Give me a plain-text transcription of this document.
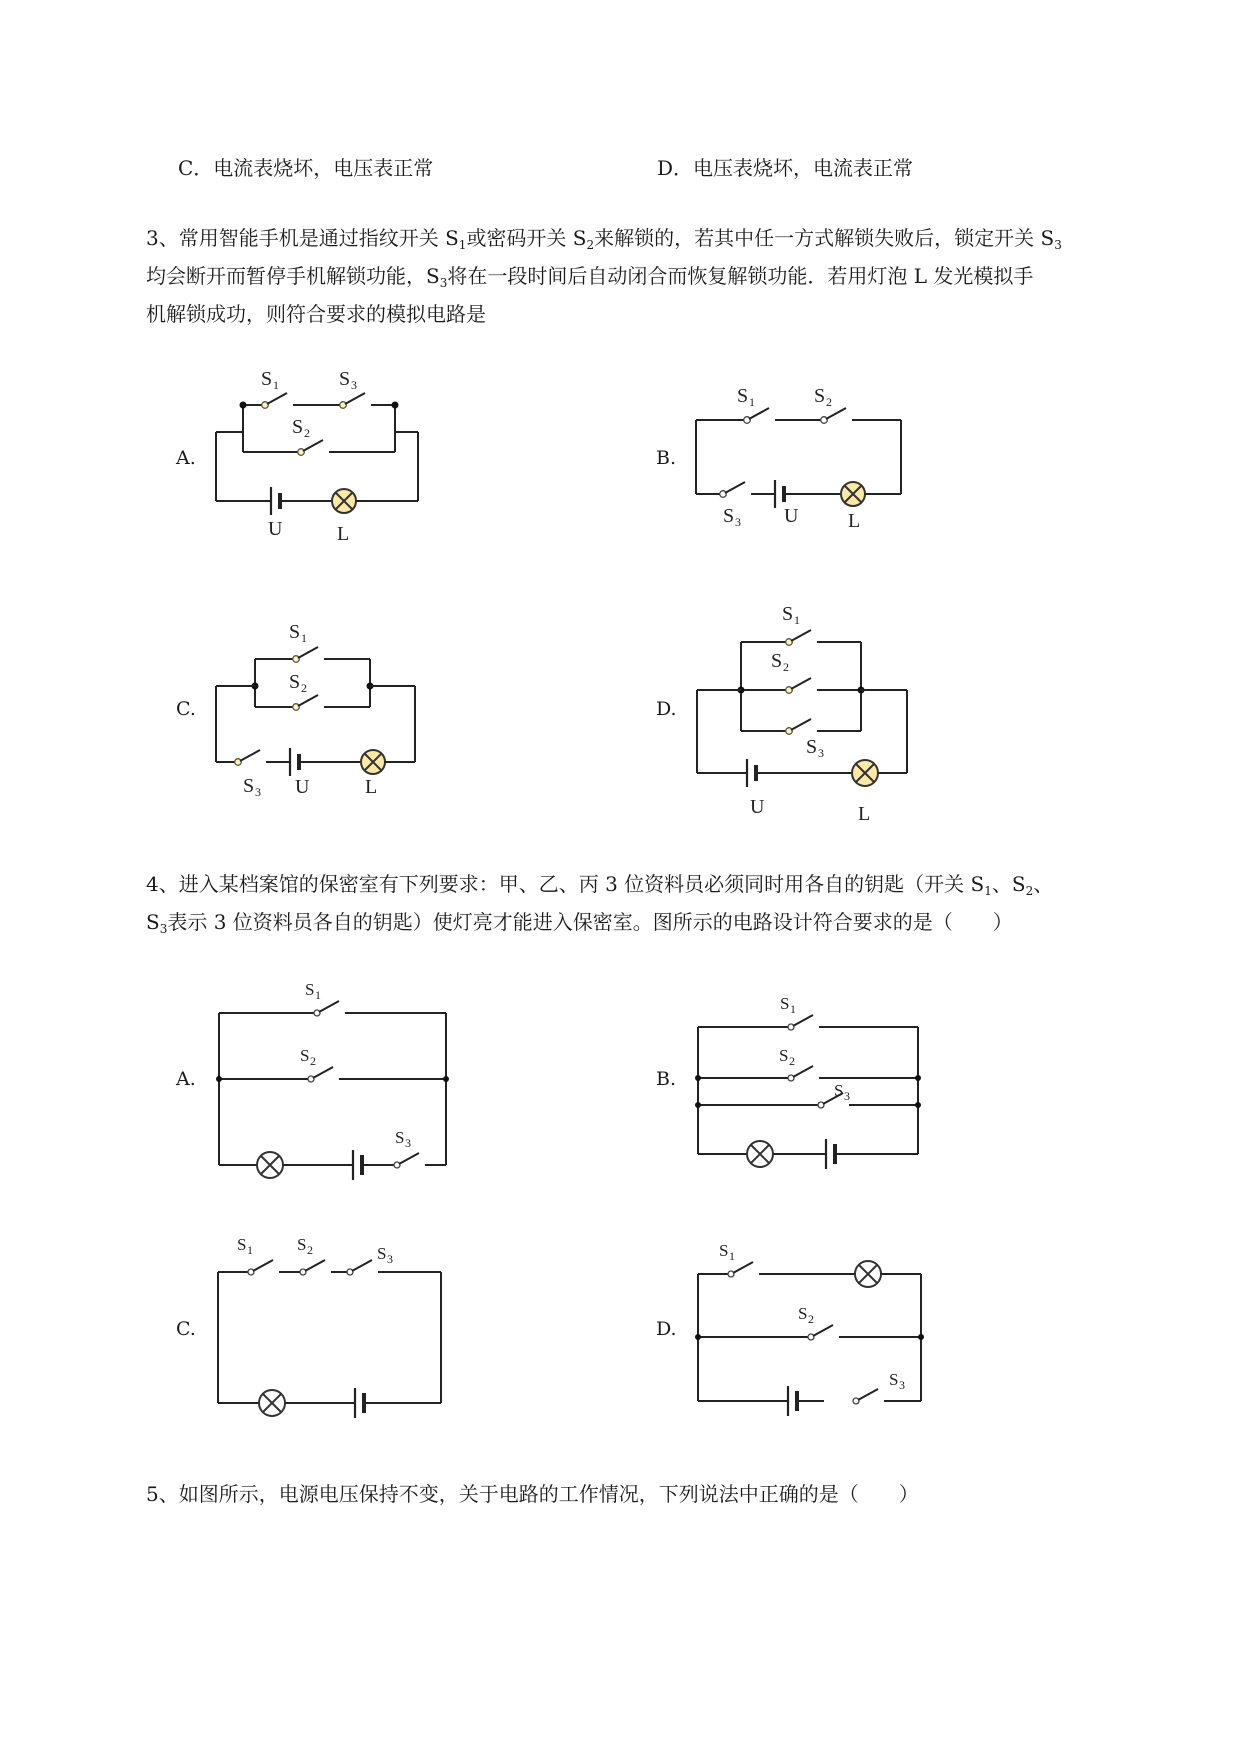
C．电流表烧坏，电压表正常	D．电压表烧坏，电流表正常
3、常用智能手机是通过指纹开关 $S_1$或密码开关 $S_2$来解锁的，若其中任一方式解锁失败后，锁定开关 $S_3$
均会断开而暂停手机解锁功能，$S_3$将在一段时间后自动闭合而恢复解锁功能．若用灯泡 L 发光模拟手
机解锁成功，则符合要求的模拟电路是
A.	B.
C.	D.
S 1	S 3
S 2
U	L
S 1	S 2
S 3 U L
S 1
S 2
S 3 U	L
S 1
S 2
S 3
U	L
4、进入某档案馆的保密室有下列要求：甲、乙、丙 3 位资料员必须同时用各自的钥匙（开关 $S_1$、$S_2$、
$S_3$表示 3 位资料员各自的钥匙）使灯亮才能进入保密室。图所示的电路设计符合要求的是（　　）
A.	B.
C.	D.
S 1
S 2
S 3
S 1
S 2
S 3
S 1	S 2	S 3	S 1
S 2
S 3
5、如图所示，电源电压保持不变，关于电路的工作情况，下列说法中正确的是（　　）
